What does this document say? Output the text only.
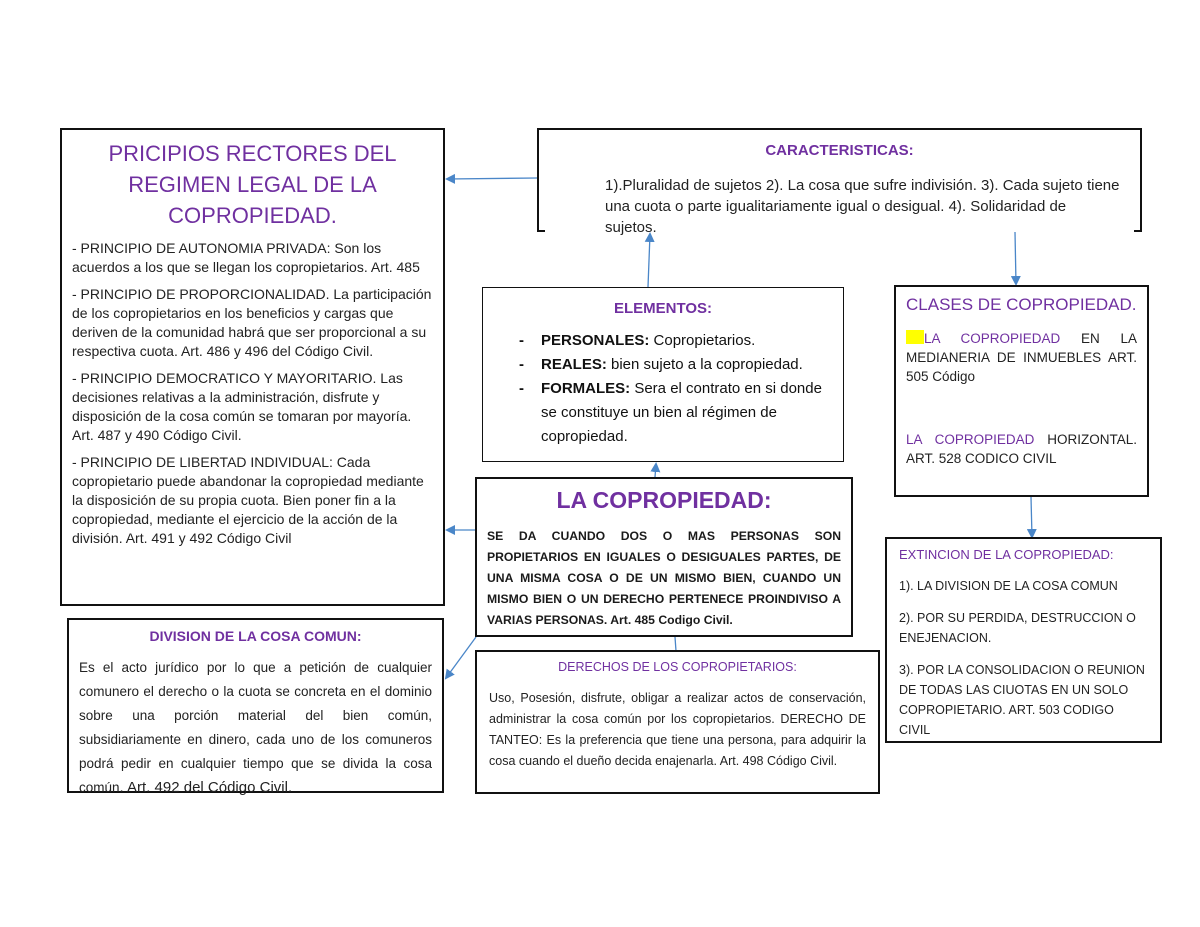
PRICIPIOS RECTORES DEL REGIMEN LEGAL DE LA COPROPIEDAD.

- PRINCIPIO DE AUTONOMIA PRIVADA: Son los acuerdos a los que se llegan los copropietarios. Art. 485

- PRINCIPIO DE PROPORCIONALIDAD. La participación de los copropietarios en los beneficios y cargas que deriven de la comunidad habrá que ser proporcional a su respectiva cuota. Art. 486 y 496 del Código Civil.

- PRINCIPIO DEMOCRATICO Y MAYORITARIO. Las decisiones relativas a la administración, disfrute y disposición de la cosa común se tomaran por mayoría. Art. 487 y 490 Código Civil.

- PRINCIPIO DE LIBERTAD INDIVIDUAL: Cada copropietario puede abandonar la copropiedad mediante la disposición de su propia cuota. Bien poner fin a la copropiedad, mediante el ejercicio de la acción de la división. Art. 491 y 492 Código Civil

CARACTERISTICAS:

1).Pluralidad de sujetos 2). La cosa que sufre indivisión. 3). Cada sujeto tiene una cuota o parte igualitariamente igual o desigual. 4). Solidaridad de sujetos.

ELEMENTOS:

- PERSONALES: Copropietarios.
- REALES: bien sujeto a la copropiedad.
- FORMALES: Sera el contrato en si donde se constituye un bien al régimen de copropiedad.

LA COPROPIEDAD:

SE DA CUANDO DOS O MAS PERSONAS SON PROPIETARIOS EN IGUALES O DESIGUALES PARTES, DE UNA MISMA COSA O DE UN MISMO BIEN, CUANDO UN MISMO BIEN O UN DERECHO PERTENECE PROINDIVISO A VARIAS PERSONAS. Art. 485 Codigo Civil.

CLASES DE COPROPIEDAD.

LA COPROPIEDAD EN LA MEDIANERIA DE INMUEBLES ART. 505 Código

LA COPROPIEDAD HORIZONTAL. ART. 528 CODICO CIVIL

EXTINCION DE LA COPROPIEDAD:

1). LA DIVISION DE LA COSA COMUN

2). POR SU PERDIDA, DESTRUCCION O ENEJENACION.

3). POR LA CONSOLIDACION O REUNION DE TODAS LAS CIUOTAS EN UN SOLO COPROPIETARIO. ART. 503 CODIGO CIVIL

DIVISION DE LA COSA COMUN:

Es el acto jurídico por lo que a petición de cualquier comunero el derecho o la cuota se concreta en el dominio sobre una porción material del bien común, subsidiariamente en dinero, cada uno de los comuneros podrá pedir en cualquier tiempo que se divida la cosa común. Art. 492 del Código Civil.

DERECHOS DE LOS COPROPIETARIOS:

Uso, Posesión, disfrute, obligar a realizar actos de conservación, administrar la cosa común por los copropietarios. DERECHO DE TANTEO: Es la preferencia que tiene una persona, para adquirir la cosa cuando el dueño decida enajenarla. Art. 498 Código Civil.
